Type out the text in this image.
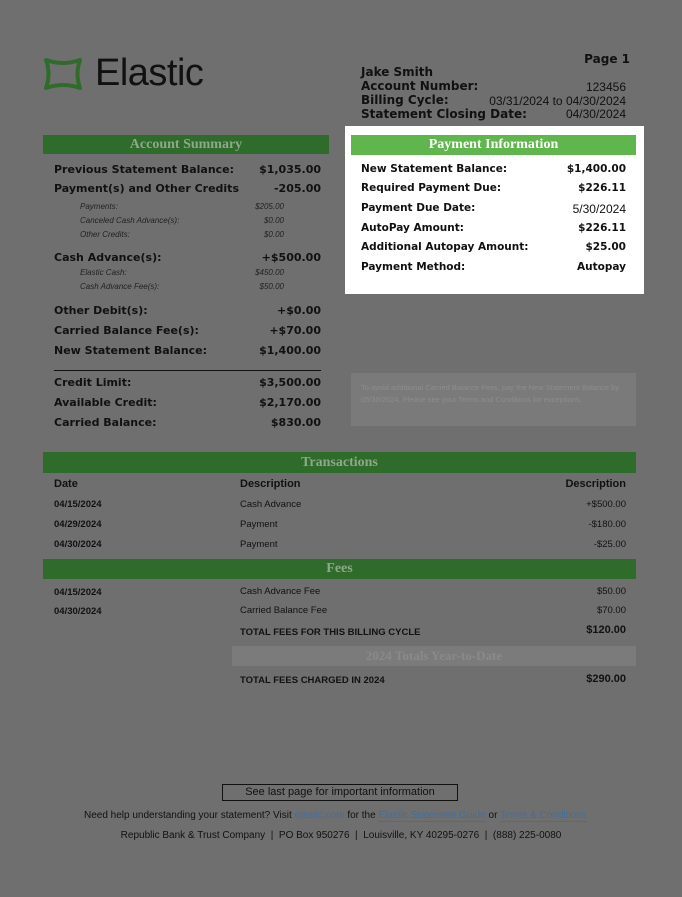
Elastic	Page 1
Jake Smith
Account Number:	123456
Billing Cycle:	03/31/2024 to 04/30/2024
Statement Closing Date:	04/30/2024
Account Summary
Previous Statement Balance:	$1,035.00
Payment(s) and Other Credits	-205.00
Payments:	$205.00
Canceled Cash Advance(s):	$0.00
Other Credits:	$0.00
Cash Advance(s):	+$500.00
Elastic Cash:	$450.00
Cash Advance Fee(s):	$50.00
Other Debit(s):	+$0.00
Carried Balance Fee(s):	+$70.00
New Statement Balance:	$1,400.00
Credit Limit:	$3,500.00
Available Credit:	$2,170.00
Carried Balance:	$830.00
Payment Information
New Statement Balance:	$1,400.00
Required Payment Due:	$226.11
Payment Due Date:	5/30/2024
AutoPay Amount:	$226.11
Additional Autopay Amount:	$25.00
Payment Method:	Autopay
To avoid additional Carried Balance Fees, pay the New Statement Balance by 05/30/2024. Please see your Terms and Conditions for exceptions.
Transactions
Date	Description	Description
04/15/2024	Cash Advance	+$500.00
04/29/2024	Payment	-$180.00
04/30/2024	Payment	-$25.00
Fees
04/15/2024	Cash Advance Fee	$50.00
04/30/2024	Carried Balance Fee	$70.00
TOTAL FEES FOR THIS BILLING CYCLE	$120.00
2024 Totals Year-to-Date
TOTAL FEES CHARGED IN 2024	$290.00
See last page for important information
Need help understanding your statement? Visit elastic.com for the Elastic Statement Guide or Terms & Conditions
Republic Bank & Trust Company  |  PO Box 950276  |  Louisville, KY 40295-0276  |  (888) 225-0080
